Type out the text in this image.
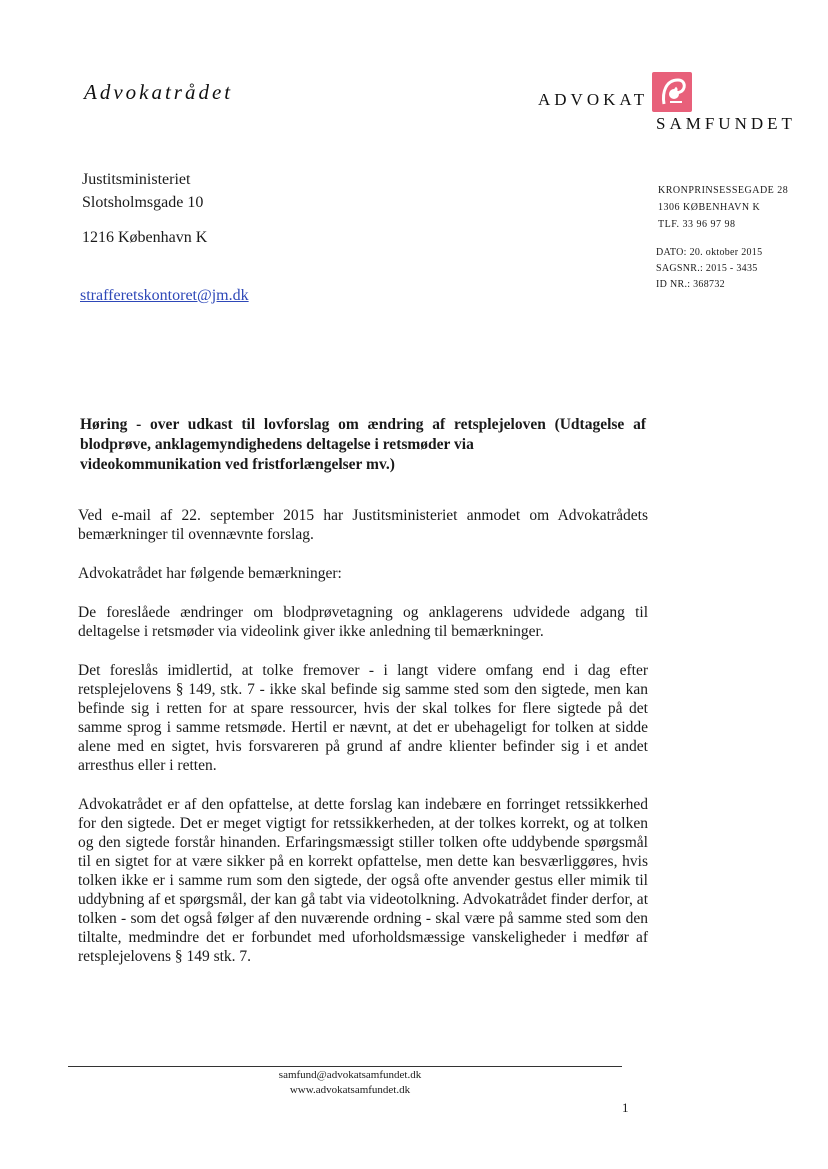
Advokatrådet	ADVOKAT
SAMFUNDET
Justitsministeriet
Slotsholmsgade 10
1216 København K
strafferetskontoret@jm.dk
KRONPRINSESSEGADE 28
1306 KØBENHAVN K
TLF. 33 96 97 98
DATO: 20. oktober 2015
SAGSNR.: 2015 - 3435
ID NR.: 368732
Høring - over udkast til lovforslag om ændring af retsplejeloven (Udtagelse af blodprøve, anklagemyndighedens deltagelse i retsmøder via
videokommunikation ved fristforlængelser mv.)

Ved e-mail af 22. september 2015 har Justitsministeriet anmodet om Advokatrådets bemærkninger til ovennævnte forslag.

Advokatrådet har følgende bemærkninger:

De foreslåede ændringer om blodprøvetagning og anklagerens udvidede adgang til deltagelse i retsmøder via videolink giver ikke anledning til bemærkninger.

Det foreslås imidlertid, at tolke fremover - i langt videre omfang end i dag efter retsplejelovens § 149, stk. 7 - ikke skal befinde sig samme sted som den sigtede, men kan befinde sig i retten for at spare ressourcer, hvis der skal tolkes for flere sigtede på det samme sprog i samme retsmøde. Hertil er nævnt, at det er ubehageligt for tolken at sidde alene med en sigtet, hvis forsvareren på grund af andre klienter befinder sig i et andet arresthus eller i retten.

Advokatrådet er af den opfattelse, at dette forslag kan indebære en forringet retssikkerhed for den sigtede. Det er meget vigtigt for retssikkerheden, at der tolkes korrekt, og at tolken og den sigtede forstår hinanden. Erfaringsmæssigt stiller tolken ofte uddybende spørgsmål til en sigtet for at være sikker på en korrekt opfattelse, men dette kan besværliggøres, hvis tolken ikke er i samme rum som den sigtede, der også ofte anvender gestus eller mimik til uddybning af et spørgsmål, der kan gå tabt via videotolkning. Advokatrådet finder derfor, at tolken - som det også følger af den nuværende ordning - skal være på samme sted som den tiltalte, medmindre det er forbundet med uforholdsmæssige vanskeligheder i medfør af retsplejelovens § 149 stk. 7.

samfund@advokatsamfundet.dk
www.advokatsamfundet.dk
1
